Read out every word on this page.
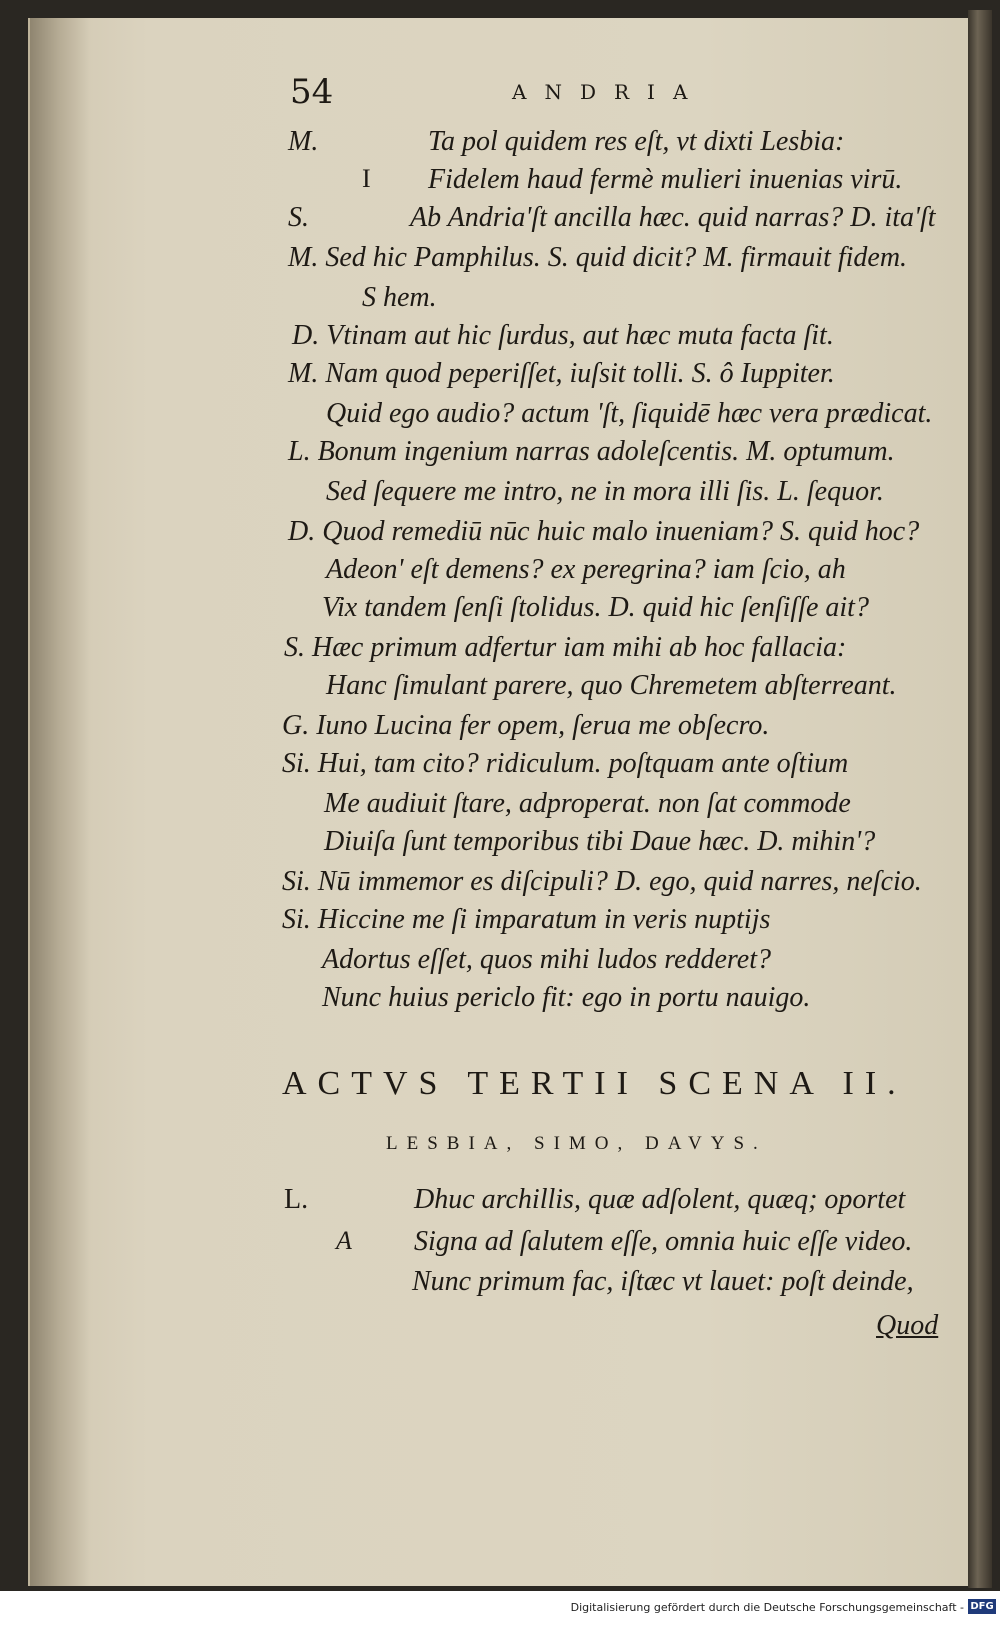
54	ANDRIA
M.	Ta pol quidem res eſt, vt dixti Lesbia:
I Fidelem haud fermè mulieri inuenias virū.
S.	Ab Andria'ſt ancilla hæc. quid narras? D. ita'ſt
M. Sed hic Pamphilus. S. quid dicit? M. firmauit fidem.
S hem.
D. Vtinam aut hic ſurdus, aut hæc muta facta ſit.
M. Nam quod peperiſſet, iuſsit tolli. S. ô Iuppiter.
Quid ego audio? actum 'ſt, ſiquidē hæc vera prædicat.
L. Bonum ingenium narras adoleſcentis. M. optumum.
Sed ſequere me intro, ne in mora illi ſis. L. ſequor.
D. Quod remediū nūc huic malo inueniam? S. quid hoc?
Adeon' eſt demens? ex peregrina? iam ſcio, ah
Vix tandem ſenſi ſtolidus. D. quid hic ſenſiſſe ait?
S. Hæc primum adfertur iam mihi ab hoc fallacia:
Hanc ſimulant parere, quo Chremetem abſterreant.
G. Iuno Lucina fer opem, ſerua me obſecro.
Si. Hui, tam cito? ridiculum. poſtquam ante oſtium
Me audiuit ſtare, adproperat. non ſat commode
Diuiſa ſunt temporibus tibi Daue hæc. D. mihin'?
Si. Nū immemor es diſcipuli? D. ego, quid narres, neſcio.
Si. Hiccine me ſi imparatum in veris nuptijs
Adortus eſſet, quos mihi ludos redderet?
Nunc huius periclo fit: ego in portu nauigo.
ACTVS TERTII SCENA II.
LESBIA, SIMO, DAVYS.
L.	Dhuc archillis, quæ adſolent, quæq; oportet
A Signa ad ſalutem eſſe, omnia huic eſſe video.
Nunc primum fac, iſtæc vt lauet: poſt deinde,
Quod
Digitalisierung gefördert durch die Deutsche Forschungsgemeinschaft - DFG
